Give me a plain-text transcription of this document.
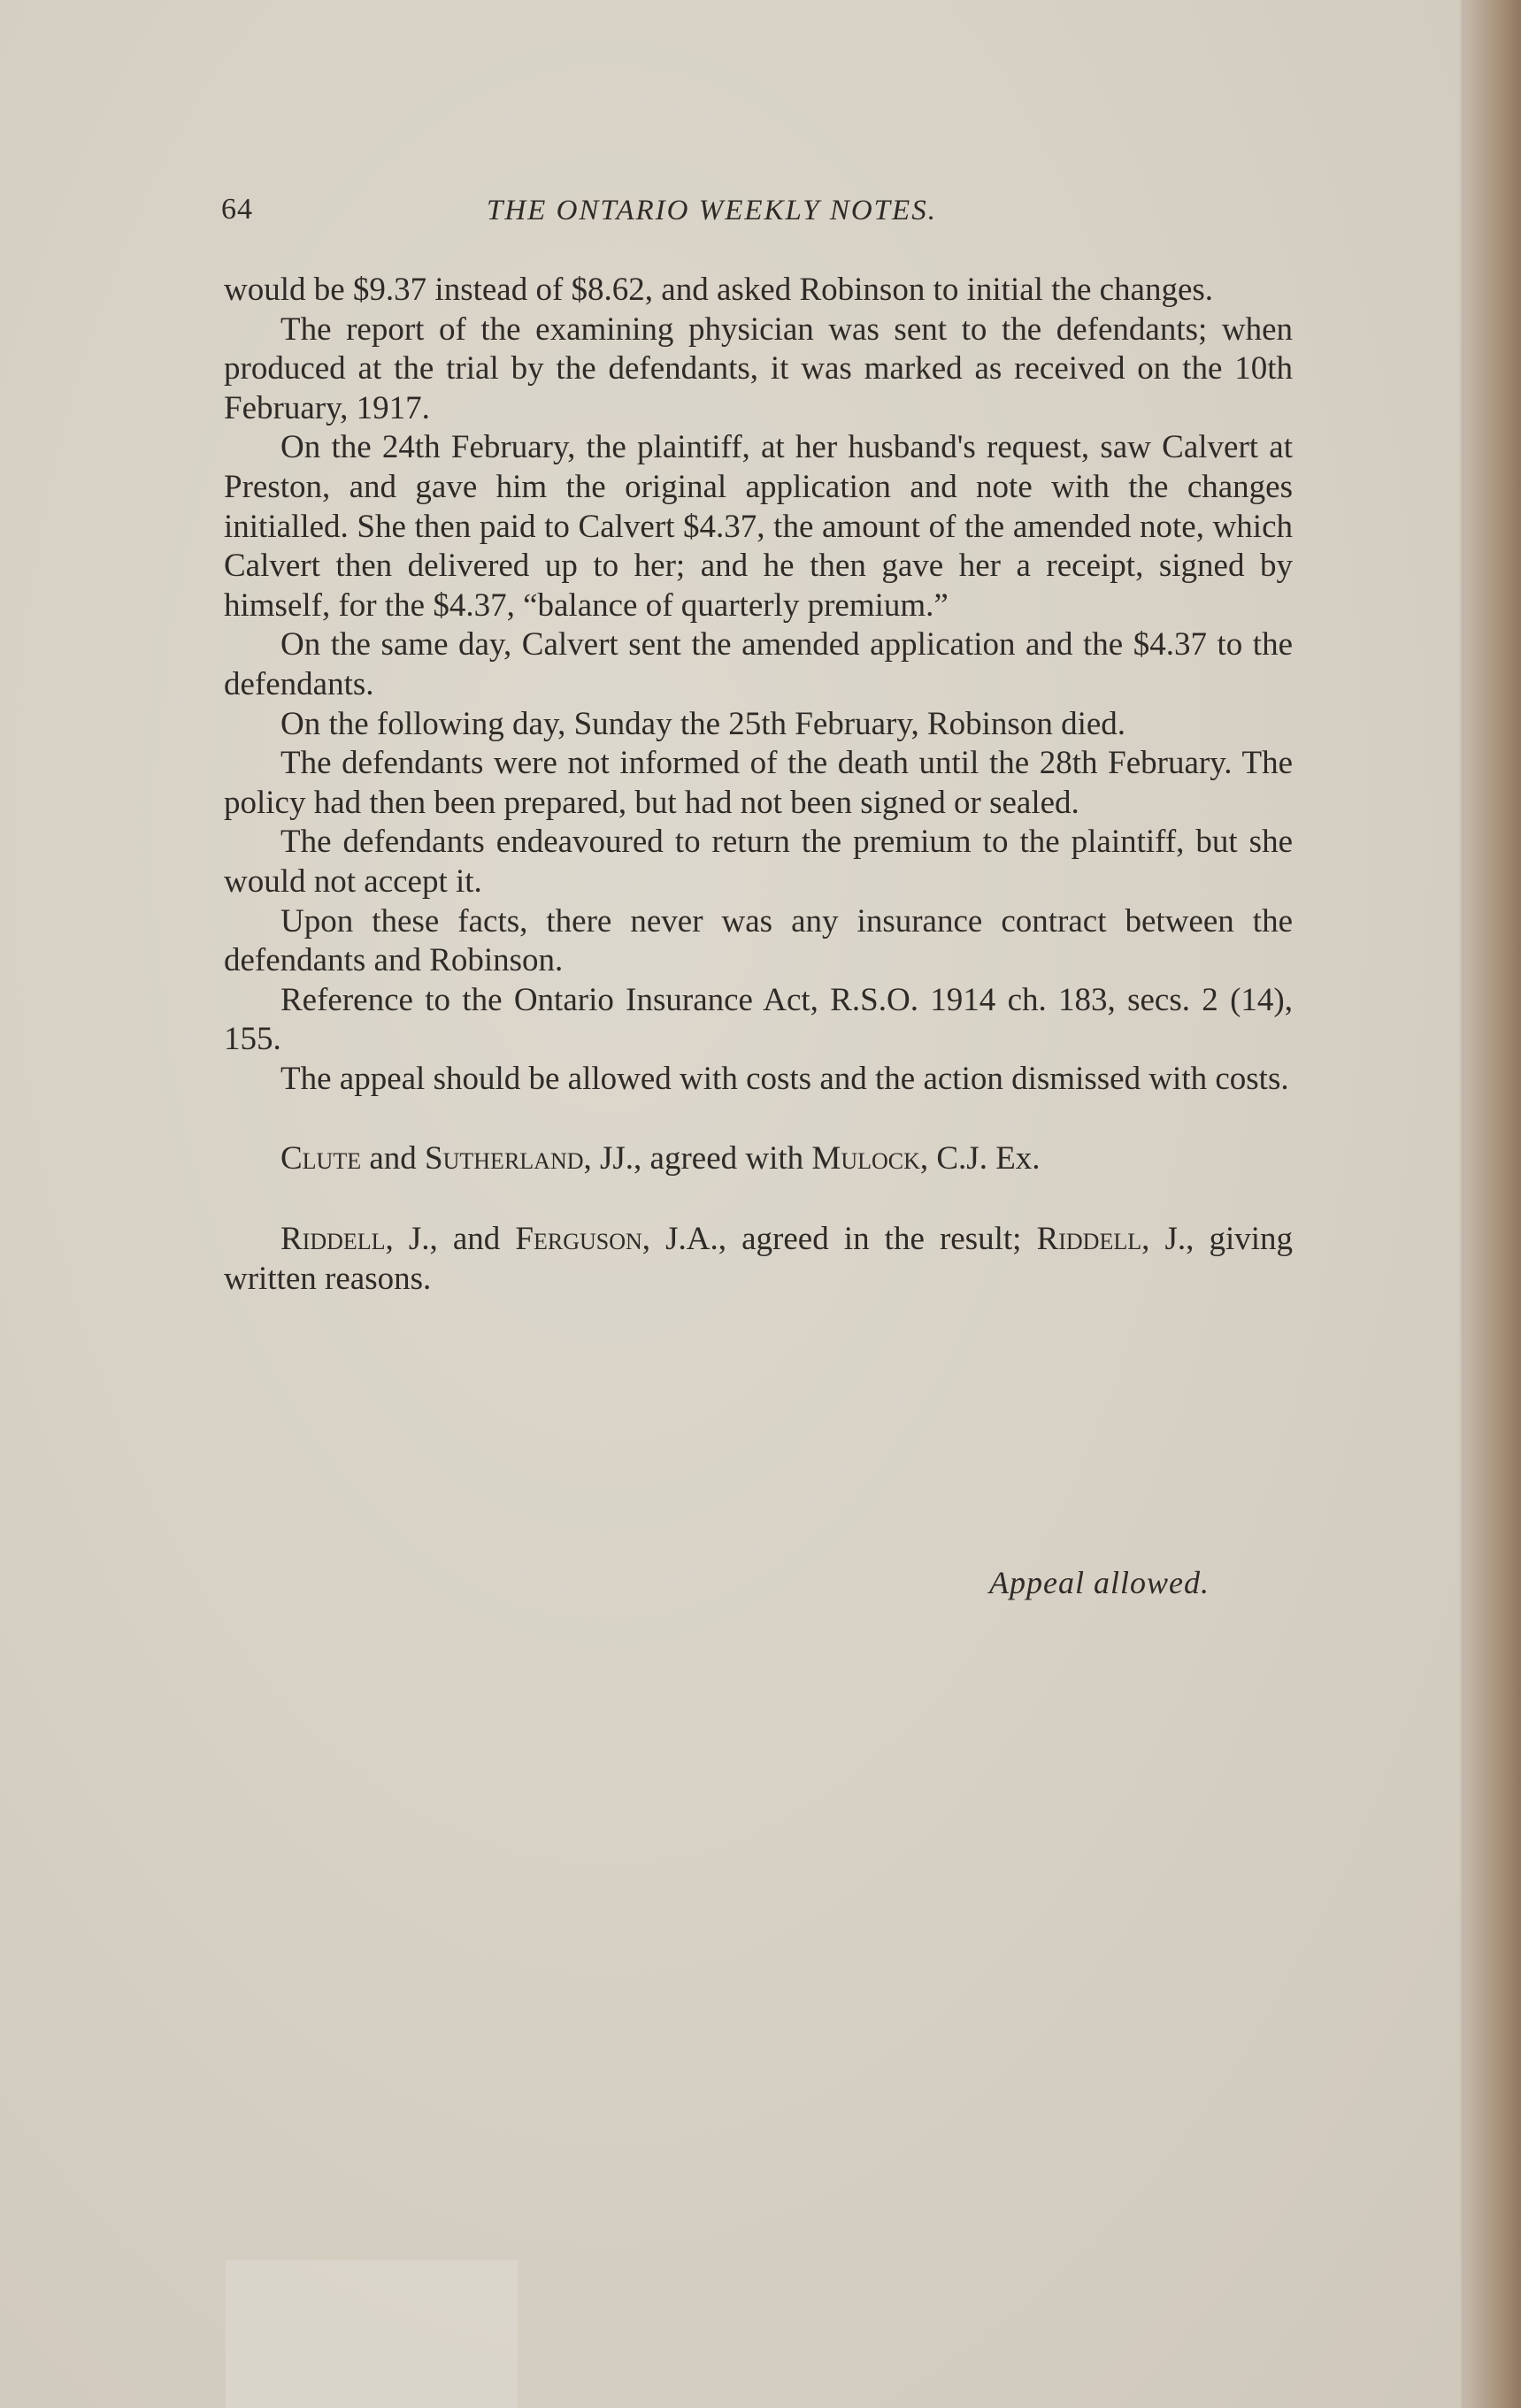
64	THE ONTARIO WEEKLY NOTES.

would be $9.37 instead of $8.62, and asked Robinson to initial the changes.

The report of the examining physician was sent to the defendants; when produced at the trial by the defendants, it was marked as received on the 10th February, 1917.

On the 24th February, the plaintiff, at her husband's request, saw Calvert at Preston, and gave him the original application and note with the changes initialled. She then paid to Calvert $4.37, the amount of the amended note, which Calvert then delivered up to her; and he then gave her a receipt, signed by himself, for the $4.37, “balance of quarterly premium.”

On the same day, Calvert sent the amended application and the $4.37 to the defendants.

On the following day, Sunday the 25th February, Robinson died.

The defendants were not informed of the death until the 28th February. The policy had then been prepared, but had not been signed or sealed.

The defendants endeavoured to return the premium to the plaintiff, but she would not accept it.

Upon these facts, there never was any insurance contract between the defendants and Robinson.

Reference to the Ontario Insurance Act, R.S.O. 1914 ch. 183, secs. 2 (14), 155.

The appeal should be allowed with costs and the action dismissed with costs.

Clute and Sutherland, JJ., agreed with Mulock, C.J. Ex.

Riddell, J., and Ferguson, J.A., agreed in the result; Riddell, J., giving written reasons.

Appeal allowed.
